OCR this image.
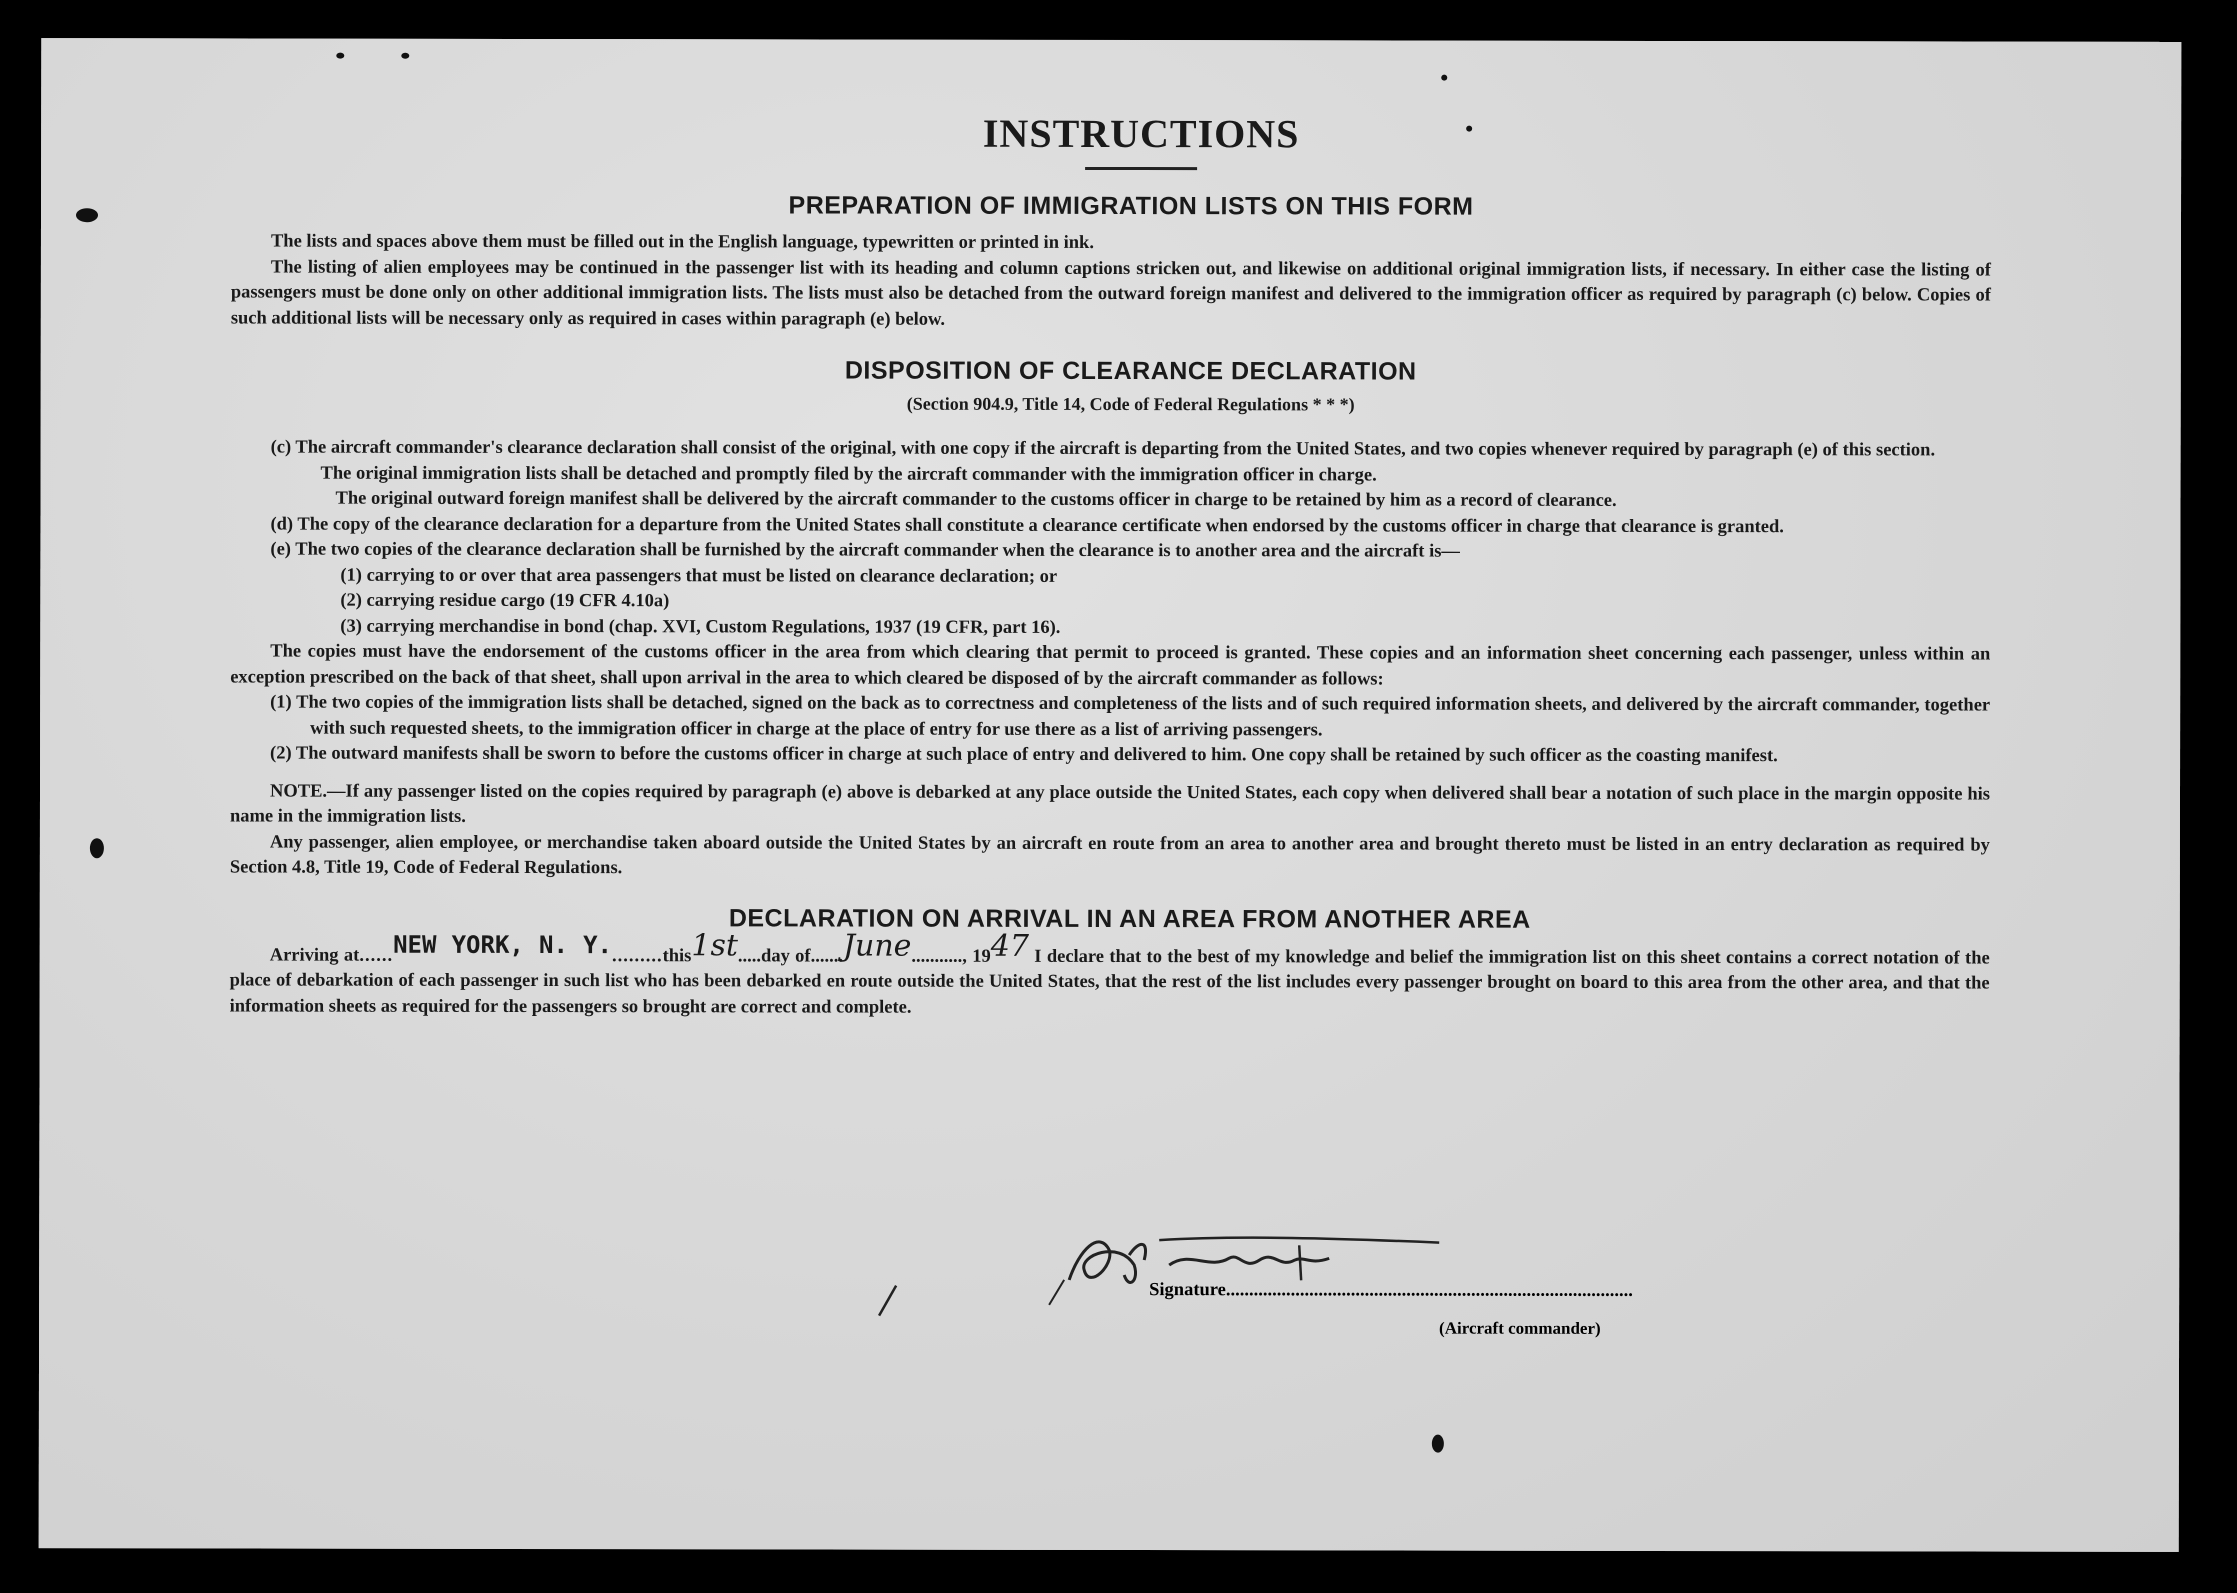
INSTRUCTIONS
PREPARATION OF IMMIGRATION LISTS ON THIS FORM

The lists and spaces above them must be filled out in the English language, typewritten or printed in ink.

The listing of alien employees may be continued in the passenger list with its heading and column captions stricken out, and likewise on additional original immigration lists, if necessary. In either case the listing of passengers must be done only on other additional immigration lists. The lists must also be detached from the outward foreign manifest and delivered to the immigration officer as required by paragraph (c) below. Copies of such additional lists will be necessary only as required in cases within paragraph (e) below.

DISPOSITION OF CLEARANCE DECLARATION
(Section 904.9, Title 14, Code of Federal Regulations * * *)

(c) The aircraft commander's clearance declaration shall consist of the original, with one copy if the aircraft is departing from the United States, and two copies whenever required by paragraph (e) of this section.

The original immigration lists shall be detached and promptly filed by the aircraft commander with the immigration officer in charge.

The original outward foreign manifest shall be delivered by the aircraft commander to the customs officer in charge to be retained by him as a record of clearance.

(d) The copy of the clearance declaration for a departure from the United States shall constitute a clearance certificate when endorsed by the customs officer in charge that clearance is granted.

(e) The two copies of the clearance declaration shall be furnished by the aircraft commander when the clearance is to another area and the aircraft is—

(1) carrying to or over that area passengers that must be listed on clearance declaration; or

(2) carrying residue cargo (19 CFR 4.10a)

(3) carrying merchandise in bond (chap. XVI, Custom Regulations, 1937 (19 CFR, part 16).

The copies must have the endorsement of the customs officer in the area from which clearing that permit to proceed is granted. These copies and an information sheet concerning each passenger, unless within an exception prescribed on the back of that sheet, shall upon arrival in the area to which cleared be disposed of by the aircraft commander as follows:

(1) The two copies of the immigration lists shall be detached, signed on the back as to correctness and completeness of the lists and of such required information sheets, and delivered by the aircraft commander, together with such requested sheets, to the immigration officer in charge at the place of entry for use there as a list of arriving passengers.

(2) The outward manifests shall be sworn to before the customs officer in charge at such place of entry and delivered to him. One copy shall be retained by such officer as the coasting manifest.

NOTE.—If any passenger listed on the copies required by paragraph (e) above is debarked at any place outside the United States, each copy when delivered shall bear a notation of such place in the margin opposite his name in the immigration lists.

Any passenger, alien employee, or merchandise taken aboard outside the United States by an aircraft en route from an area to another area and brought thereto must be listed in an entry declaration as required by Section 4.8, Title 19, Code of Federal Regulations.

DECLARATION ON ARRIVAL IN AN AREA FROM ANOTHER AREA

Arriving at......NEW YORK, N. Y..........this1st.....day of.......June..........., 1947 I declare that to the best of my knowledge and belief the immigration list on this sheet contains a correct notation of the place of debarkation of each passenger in such list who has been debarked en route outside the United States, that the rest of the list includes every passenger brought on board to this area from the other area, and that the information sheets as required for the passengers so brought are correct and complete.

Signature........................................................................................
(Aircraft commander)
